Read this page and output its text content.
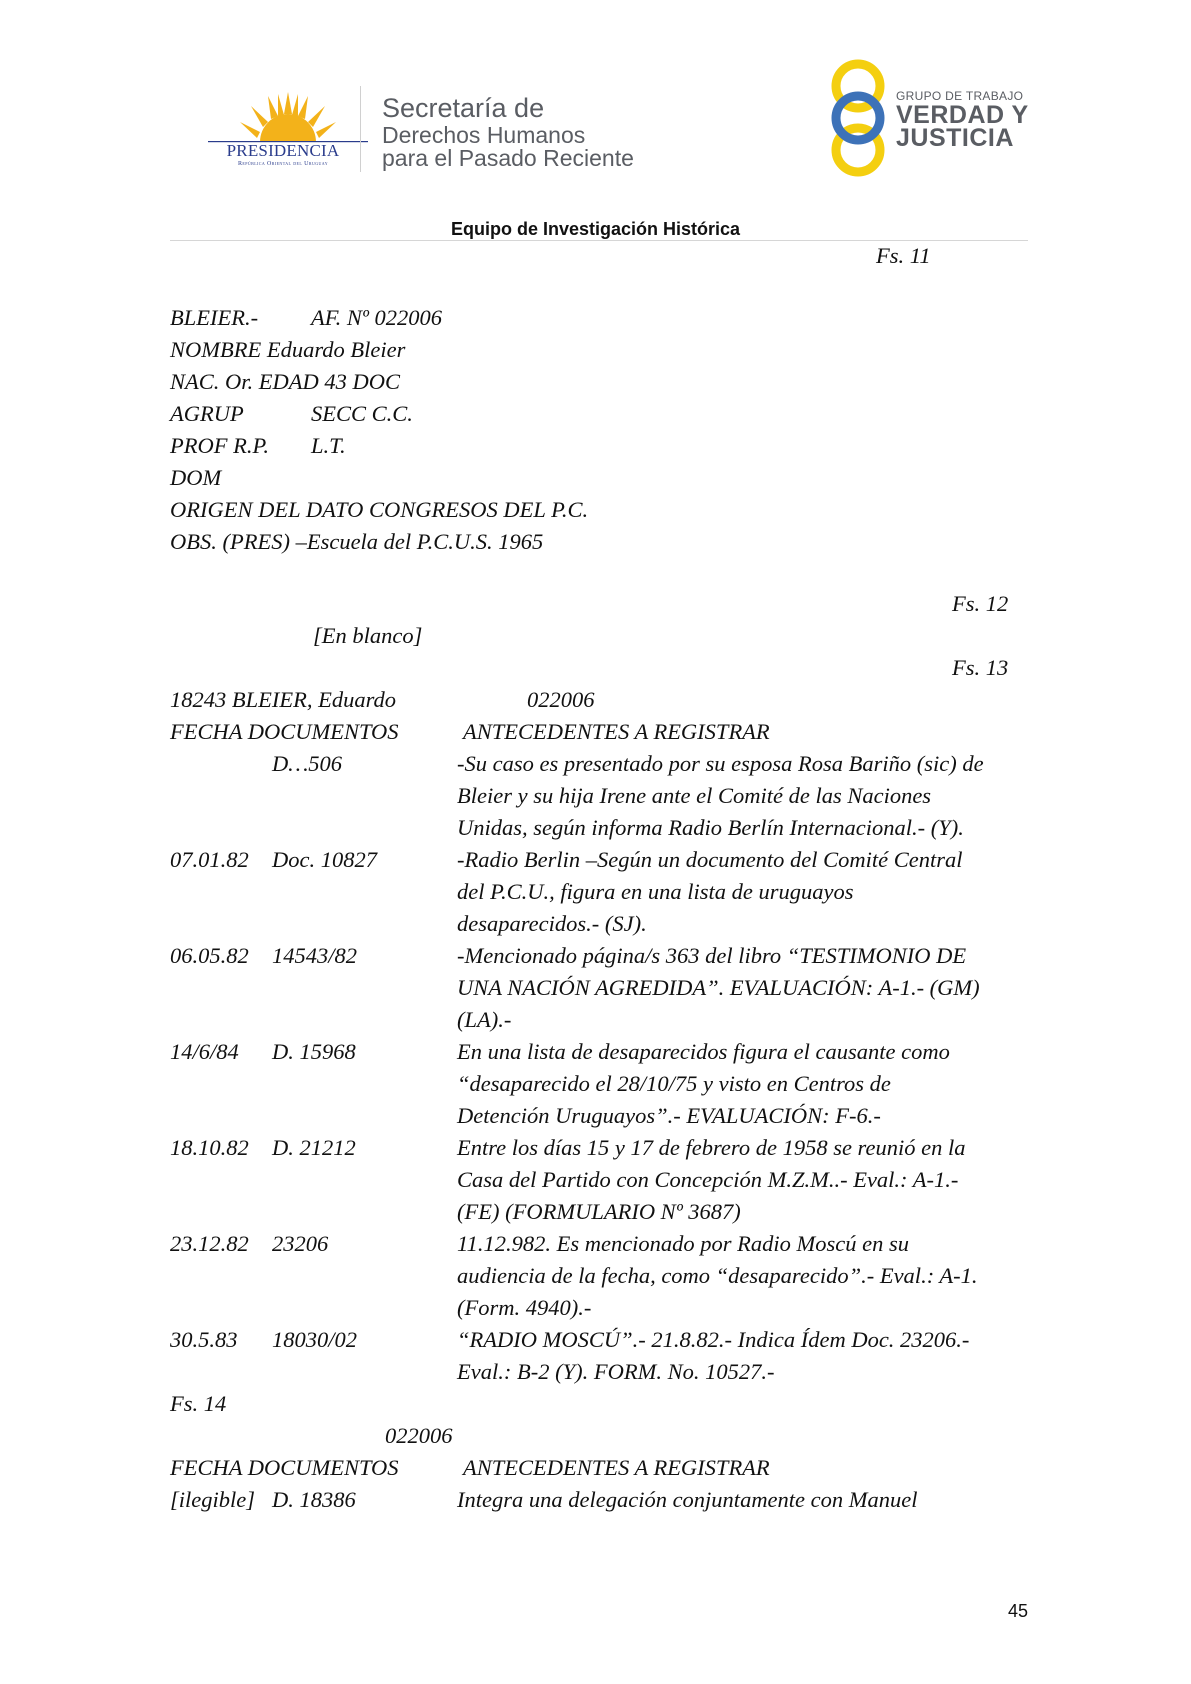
PRESIDENCIA
República Oriental del Uruguay
Secretaría de
Derechos Humanos
para el Pasado Reciente
GRUPO DE TRABAJO
VERDAD Y
JUSTICIA
Equipo de Investigación Histórica
Fs. 11
BLEIER.- AF. Nº 022006
NOMBRE Eduardo Bleier
NAC. Or. EDAD 43 DOC
AGRUP	SECC C.C.
PROF R.P. L.T.
DOM
ORIGEN DEL DATO CONGRESOS DEL P.C.
OBS. (PRES) –Escuela del P.C.U.S. 1965
Fs. 12
[En blanco]
Fs. 13
18243 BLEIER, Eduardo	022006
FECHA DOCUMENTOS	ANTECEDENTES A REGISTRAR
D…506	-Su caso es presentado por su esposa Rosa Bariño (sic) de
Bleier y su hija Irene ante el Comité de las Naciones
Unidas, según informa Radio Berlín Internacional.- (Y).
07.01.82 Doc. 10827	-Radio Berlin –Según un documento del Comité Central
del P.C.U., figura en una lista de uruguayos
desaparecidos.- (SJ).
06.05.82 14543/82	-Mencionado página/s 363 del libro “TESTIMONIO DE
UNA NACIÓN AGREDIDA”. EVALUACIÓN: A-1.- (GM)
(LA).-
14/6/84 D. 15968	En una lista de desaparecidos figura el causante como
“desaparecido el 28/10/75 y visto en Centros de
Detención Uruguayos”.- EVALUACIÓN: F-6.-
18.10.82 D. 21212	Entre los días 15 y 17 de febrero de 1958 se reunió en la
Casa del Partido con Concepción M.Z.M..- Eval.: A-1.-
(FE) (FORMULARIO Nº 3687)
23.12.82 23206	11.12.982. Es mencionado por Radio Moscú en su
audiencia de la fecha, como “desaparecido”.- Eval.: A-1.
(Form. 4940).-
30.5.83 18030/02	“RADIO MOSCÚ”.- 21.8.82.- Indica Ídem Doc. 23206.-
Eval.: B-2 (Y). FORM. No. 10527.-
Fs. 14
022006
FECHA DOCUMENTOS	ANTECEDENTES A REGISTRAR
[ilegible] D. 18386	Integra una delegación conjuntamente con Manuel
45
